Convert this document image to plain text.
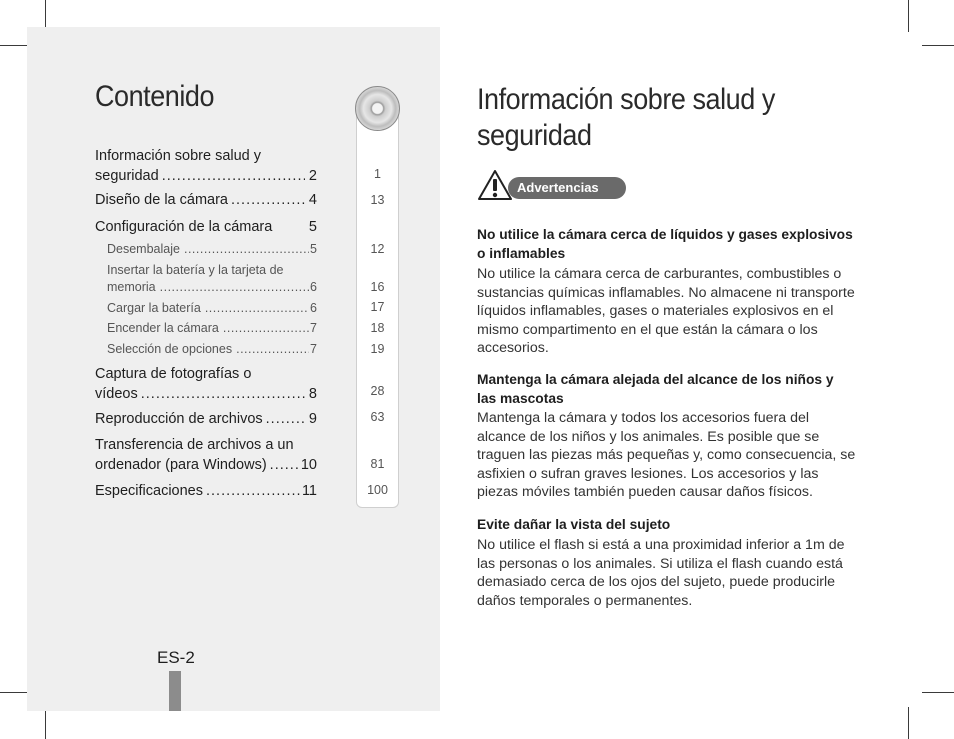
Contenido
Información sobre salud y
seguridad .....	2
Diseño de la cámara .....	4
Configuración de la cámara	5
Desembalaje .....	5
Insertar la batería y la tarjeta de
memoria .....	6
Cargar la batería .....	6
Encender la cámara .....	7
Selección de opciones .....	7
Captura de fotografías o
vídeos .....	8
Reproducción de archivos .....	9
Transferencia de archivos a un
ordenador (para Windows) ..... 10
Especificaciones .....	11
1
13
12
16
17
18
19
28
63
81
100
ES-2
Información sobre salud y
seguridad
Advertencias
No utilice la cámara cerca de líquidos y gases explosivos o inflamables
No utilice la cámara cerca de carburantes, combustibles o sustancias químicas inflamables. No almacene ni transporte líquidos inflamables, gases o materiales explosivos en el mismo compartimento en el que están la cámara o los accesorios.
Mantenga la cámara alejada del alcance de los niños y las mascotas
Mantenga la cámara y todos los accesorios fuera del alcance de los niños y los animales. Es posible que se traguen las piezas más pequeñas y, como consecuencia, se asfixien o sufran graves lesiones. Los accesorios y las piezas móviles también pueden causar daños físicos.
Evite dañar la vista del sujeto
No utilice el flash si está a una proximidad inferior a 1m de las personas o los animales. Si utiliza el flash cuando está demasiado cerca de los ojos del sujeto, puede producirle daños temporales o permanentes.
